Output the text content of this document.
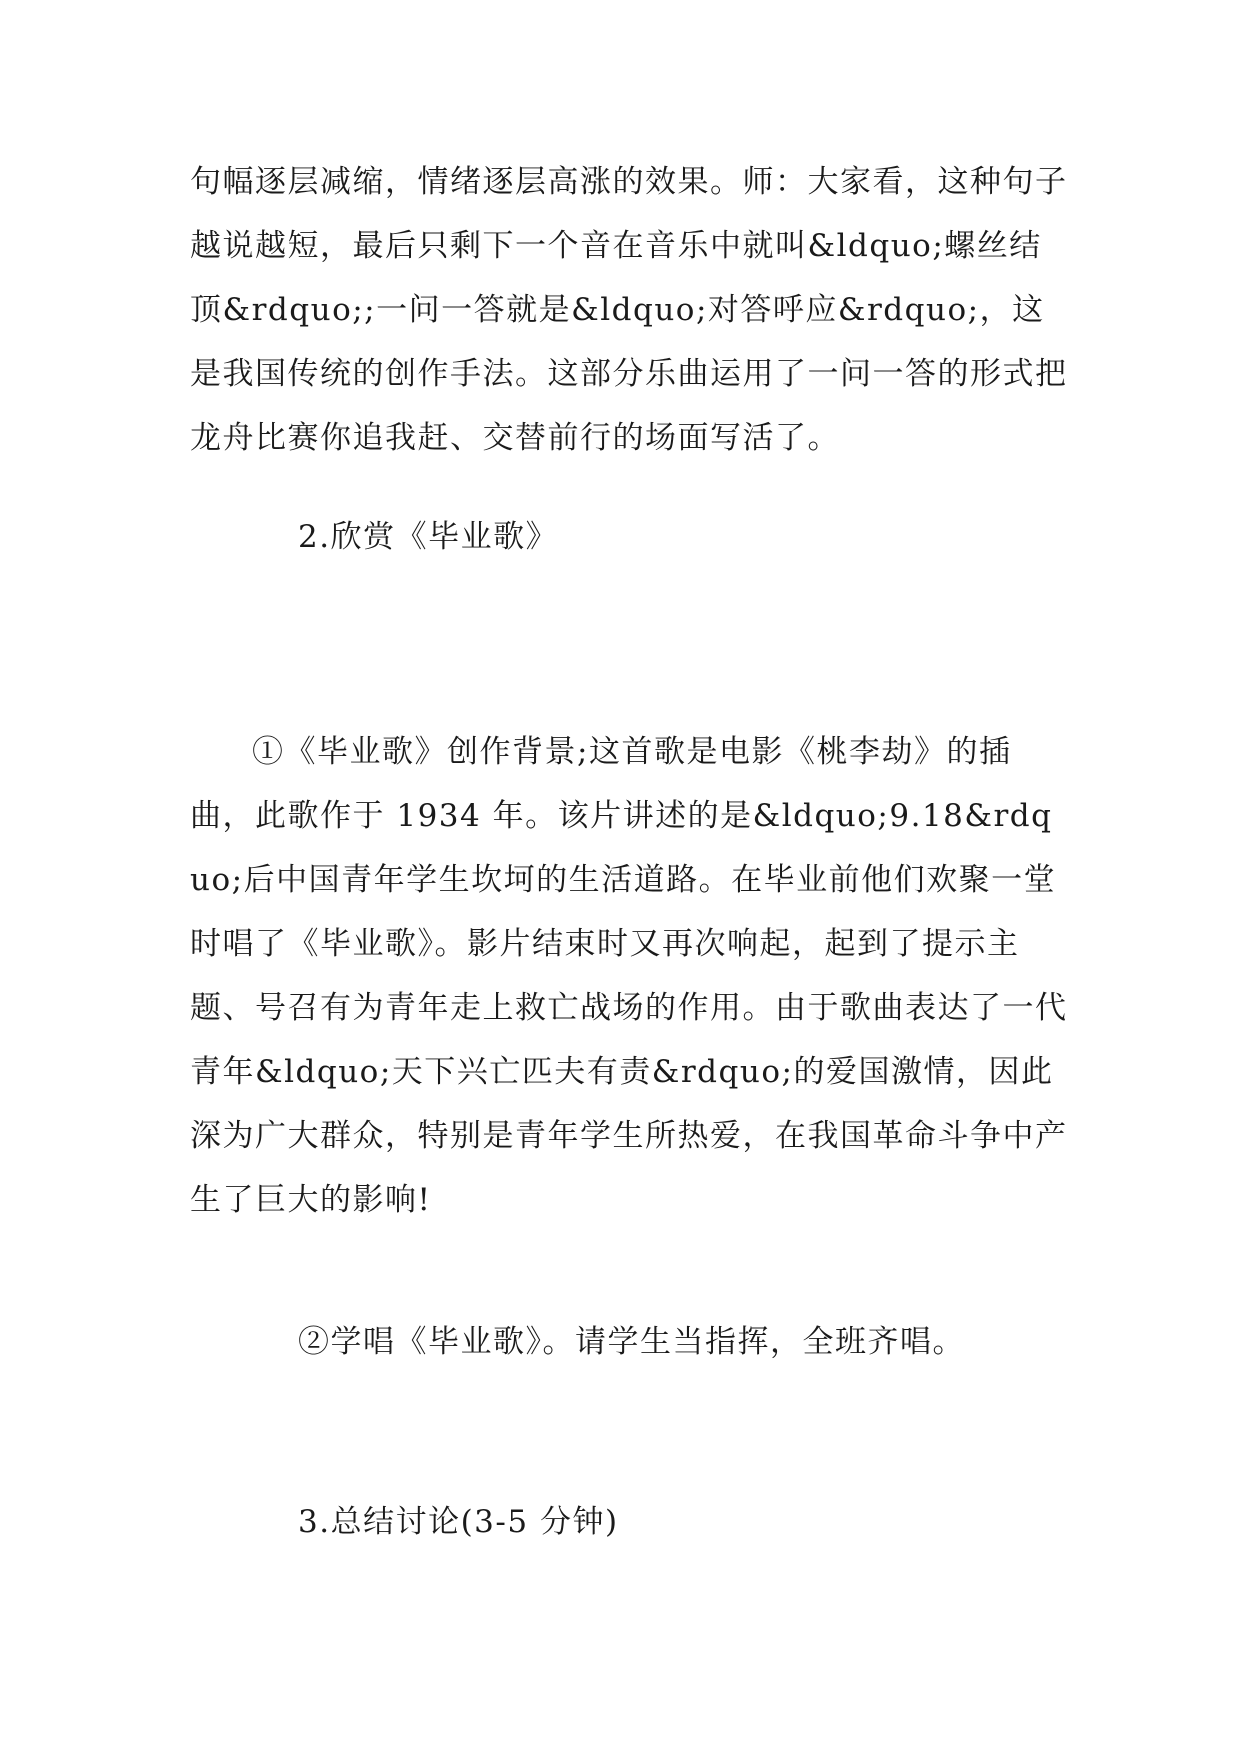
句幅逐层减缩，情绪逐层高涨的效果。师：大家看，这种句子越说越短，最后只剩下一个音在音乐中就叫&ldquo;螺丝结顶&rdquo;;一问一答就是&ldquo;对答呼应&rdquo;，这是我国传统的创作手法。这部分乐曲运用了一问一答的形式把龙舟比赛你追我赶、交替前行的场面写活了。

2.欣赏《毕业歌》

①《毕业歌》创作背景;这首歌是电影《桃李劫》的插曲，此歌作于 1934 年。该片讲述的是&ldquo;9.18&rdquo;后中国青年学生坎坷的生活道路。在毕业前他们欢聚一堂时唱了《毕业歌》。影片结束时又再次响起，起到了提示主题、号召有为青年走上救亡战场的作用。由于歌曲表达了一代青年&ldquo;天下兴亡匹夫有责&rdquo;的爱国激情，因此深为广大群众，特别是青年学生所热爱，在我国革命斗争中产生了巨大的影响!

②学唱《毕业歌》。请学生当指挥，全班齐唱。

3.总结讨论(3-5 分钟)
